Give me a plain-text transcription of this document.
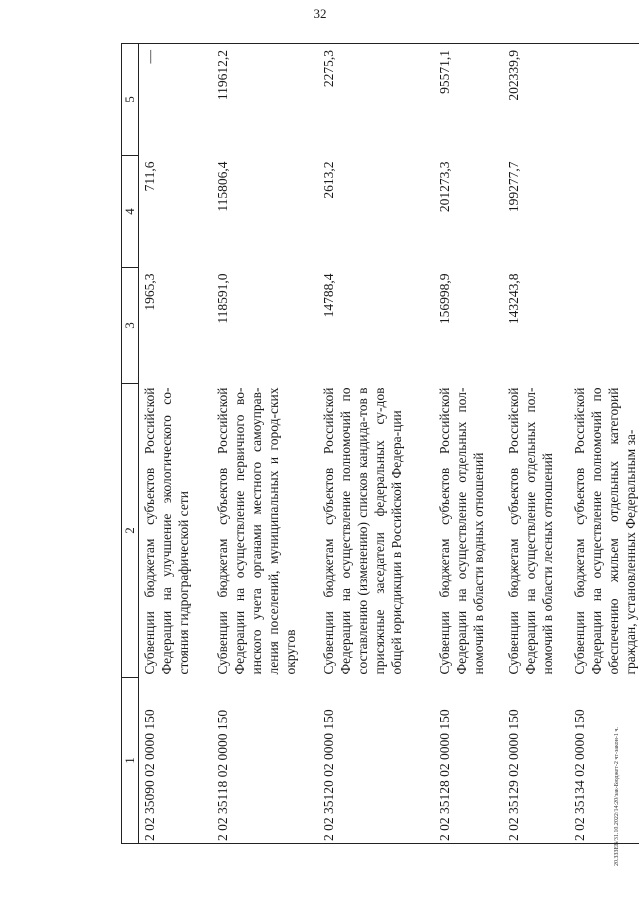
32
20.ЗЗЗЕВ/31.10.2022/14:20/зак-Бюджет-2 чт-закон-1 ч.
1	2	3	4	5
2 02 35090 02 0000 150	Субвенции бюджетам субъектов Российской Федерации на улучшение экологического со-стояния гидрографической сети	1965,3	711,6	—
2 02 35118 02 0000 150	Субвенции бюджетам субъектов Российской Федерации на осуществление первичного во-инского учета органами местного самоуправ-ления поселений, муниципальных и город-ских округов	118591,0	115806,4	119612,2
2 02 35120 02 0000 150	Субвенции бюджетам субъектов Российской Федерации на осуществление полномочий по составлению (изменению) списков кандида-тов в присяжные заседатели федеральных су-дов общей юрисдикции в Российской Федера-ции	14788,4	2613,2	2275,3
2 02 35128 02 0000 150	Субвенции бюджетам субъектов Российской Федерации на осуществление отдельных пол-номочий в области водных отношений	156998,9	201273,3	95571,1
2 02 35129 02 0000 150	Субвенции бюджетам субъектов Российской Федерации на осуществление отдельных пол-номочий в области лесных отношений	143243,8	199277,7	202339,9
2 02 35134 02 0000 150	Субвенции бюджетам субъектов Российской Федерации на осуществление полномочий по обеспечению жильем отдельных категорий граждан, установленных Федеральным за-			
